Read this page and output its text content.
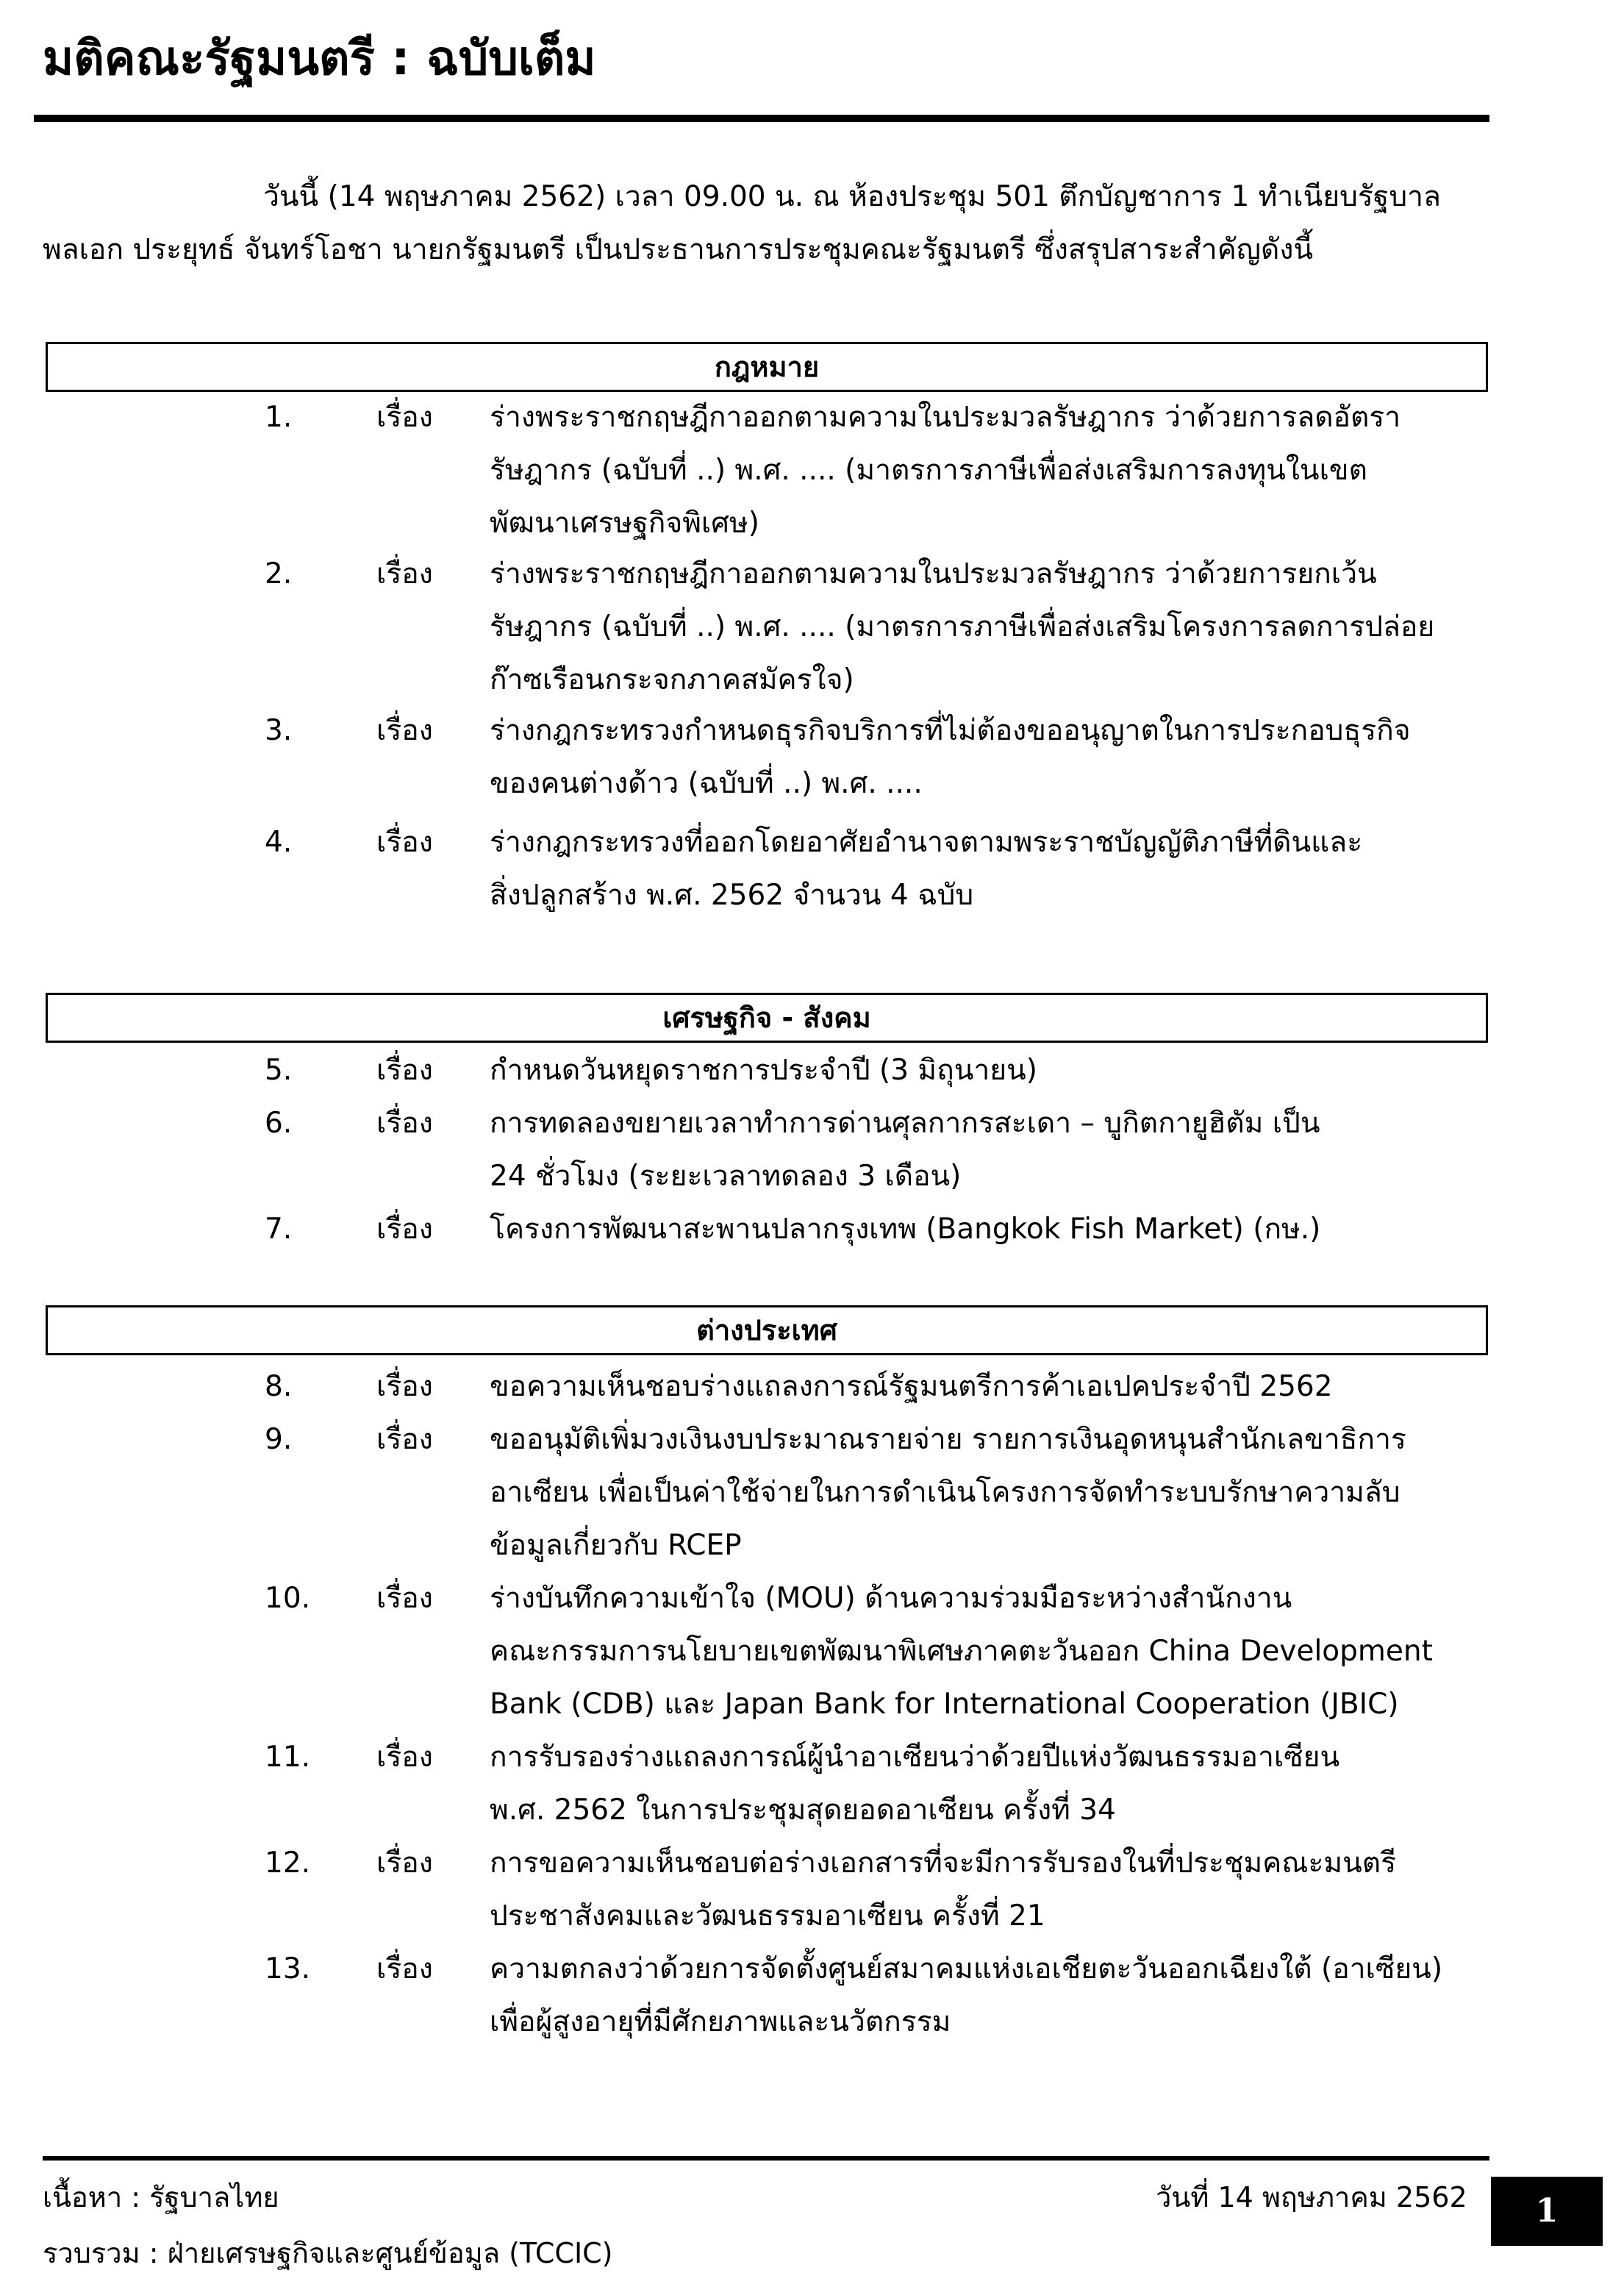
มติคณะรัฐมนตรี : ฉบับเต็ม
วันนี้ (14 พฤษภาคม 2562) เวลา 09.00 น. ณ ห้องประชุม 501 ตึกบัญชาการ 1 ทำเนียบรัฐบาล
พลเอก ประยุทธ์ จันทร์โอชา นายกรัฐมนตรี เป็นประธานการประชุมคณะรัฐมนตรี ซึ่งสรุปสาระสำคัญดังนี้
กฎหมาย
1.	เรื่อง ร่างพระราชกฤษฎีกาออกตามความในประมวลรัษฎากร ว่าด้วยการลดอัตรา
รัษฎากร (ฉบับที่ ..) พ.ศ. .... (มาตรการภาษีเพื่อส่งเสริมการลงทุนในเขต
พัฒนาเศรษฐกิจพิเศษ)
2.	เรื่อง ร่างพระราชกฤษฎีกาออกตามความในประมวลรัษฎากร ว่าด้วยการยกเว้น
รัษฎากร (ฉบับที่ ..) พ.ศ. .... (มาตรการภาษีเพื่อส่งเสริมโครงการลดการปล่อย
ก๊าซเรือนกระจกภาคสมัครใจ)
3.	เรื่อง ร่างกฎกระทรวงกำหนดธุรกิจบริการที่ไม่ต้องขออนุญาตในการประกอบธุรกิจ
ของคนต่างด้าว (ฉบับที่ ..) พ.ศ. ....
4.	เรื่อง ร่างกฎกระทรวงที่ออกโดยอาศัยอำนาจตามพระราชบัญญัติภาษีที่ดินและ
สิ่งปลูกสร้าง พ.ศ. 2562 จำนวน 4 ฉบับ
เศรษฐกิจ - สังคม
5.	เรื่อง กำหนดวันหยุดราชการประจำปี (3 มิถุนายน)
6.	เรื่อง การทดลองขยายเวลาทำการด่านศุลกากรสะเดา – บูกิตกายูฮิตัม เป็น
24 ชั่วโมง (ระยะเวลาทดลอง 3 เดือน)
7.	เรื่อง โครงการพัฒนาสะพานปลากรุงเทพ (Bangkok Fish Market) (กษ.)
ต่างประเทศ
8.	เรื่อง ขอความเห็นชอบร่างแถลงการณ์รัฐมนตรีการค้าเอเปคประจำปี 2562
9.	เรื่อง ขออนุมัติเพิ่มวงเงินงบประมาณรายจ่าย รายการเงินอุดหนุนสำนักเลขาธิการ
อาเซียน เพื่อเป็นค่าใช้จ่ายในการดำเนินโครงการจัดทำระบบรักษาความลับ
ข้อมูลเกี่ยวกับ RCEP
10. เรื่อง ร่างบันทึกความเข้าใจ (MOU) ด้านความร่วมมือระหว่างสำนักงาน
คณะกรรมการนโยบายเขตพัฒนาพิเศษภาคตะวันออก China Development
Bank (CDB) และ Japan Bank for International Cooperation (JBIC)
11. เรื่อง การรับรองร่างแถลงการณ์ผู้นำอาเซียนว่าด้วยปีแห่งวัฒนธรรมอาเซียน
พ.ศ. 2562 ในการประชุมสุดยอดอาเซียน ครั้งที่ 34
12. เรื่อง การขอความเห็นชอบต่อร่างเอกสารที่จะมีการรับรองในที่ประชุมคณะมนตรี
ประชาสังคมและวัฒนธรรมอาเซียน ครั้งที่ 21
13. เรื่อง ความตกลงว่าด้วยการจัดตั้งศูนย์สมาคมแห่งเอเชียตะวันออกเฉียงใต้ (อาเซียน)
เพื่อผู้สูงอายุที่มีศักยภาพและนวัตกรรม
เนื้อหา : รัฐบาลไทย	วันที่ 14 พฤษภาคม 2562
รวบรวม : ฝ่ายเศรษฐกิจและศูนย์ข้อมูล (TCCIC)
1
